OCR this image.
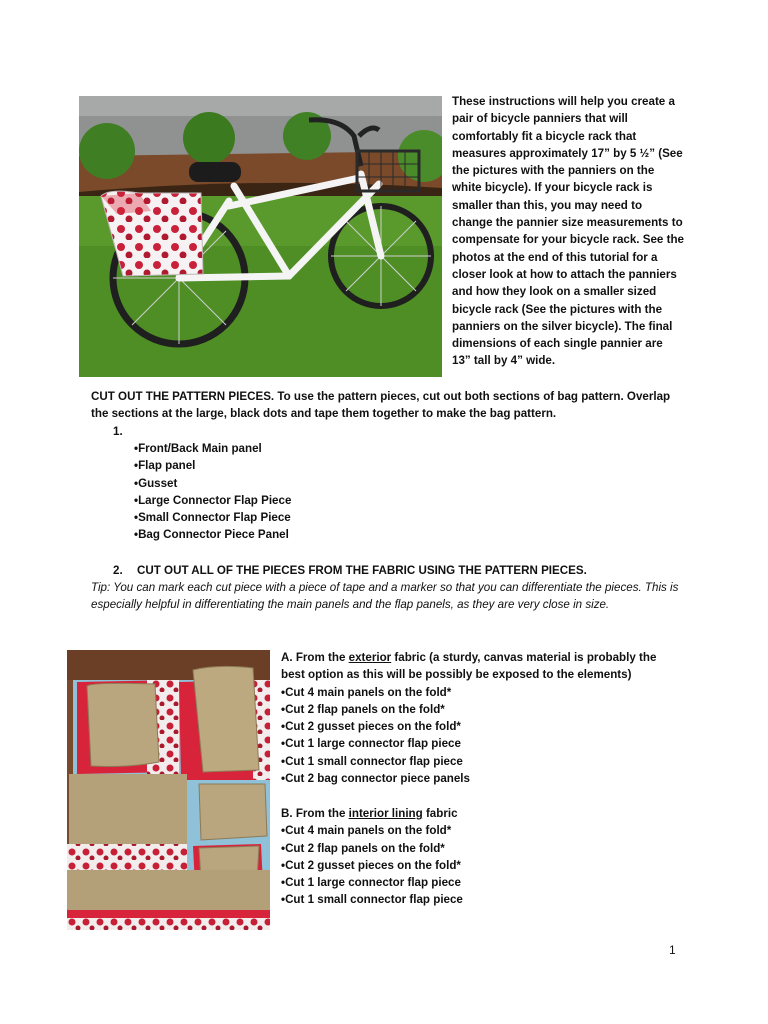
These instructions will help you create a pair of bicycle panniers that will comfortably fit a bicycle rack that measures approximately 17” by 5 ½” (See the pictures with the panniers on the white bicycle). If your bicycle rack is smaller than this, you may need to change the pannier size measurements to compensate for your bicycle rack. See the photos at the end of this tutorial for a closer look at how to attach the panniers and how they look on a smaller sized bicycle rack (See the pictures with the panniers on the silver bicycle). The final dimensions of each single pannier are 13” tall by 4” wide.
CUT OUT THE PATTERN PIECES. To use the pattern pieces, cut out both sections of bag pattern. Overlap the sections at the large, black dots and tape them together to make the bag pattern.
1.
• Front/Back Main panel
• Flap panel
• Gusset
• Large Connector Flap Piece
• Small Connector Flap Piece
• Bag Connector Piece Panel
2. CUT OUT ALL OF THE PIECES FROM THE FABRIC USING THE PATTERN PIECES.
Tip: You can mark each cut piece with a piece of tape and a marker so that you can differentiate the pieces. This is especially helpful in differentiating the main panels and the flap panels, as they are very close in size.

A. From the exterior fabric (a sturdy, canvas material is probably the best option as this will be possibly be exposed to the elements)

• Cut 4 main panels on the fold*
• Cut 2 flap panels on the fold*
• Cut 2 gusset pieces on the fold*
• Cut 1 large connector flap piece
• Cut 1 small connector flap piece
• Cut 2 bag connector piece panels

B. From the interior lining fabric

• Cut 4 main panels on the fold*
• Cut 2 flap panels on the fold*
• Cut 2 gusset pieces on the fold*
• Cut 1 large connector flap piece
• Cut 1 small connector flap piece
1
